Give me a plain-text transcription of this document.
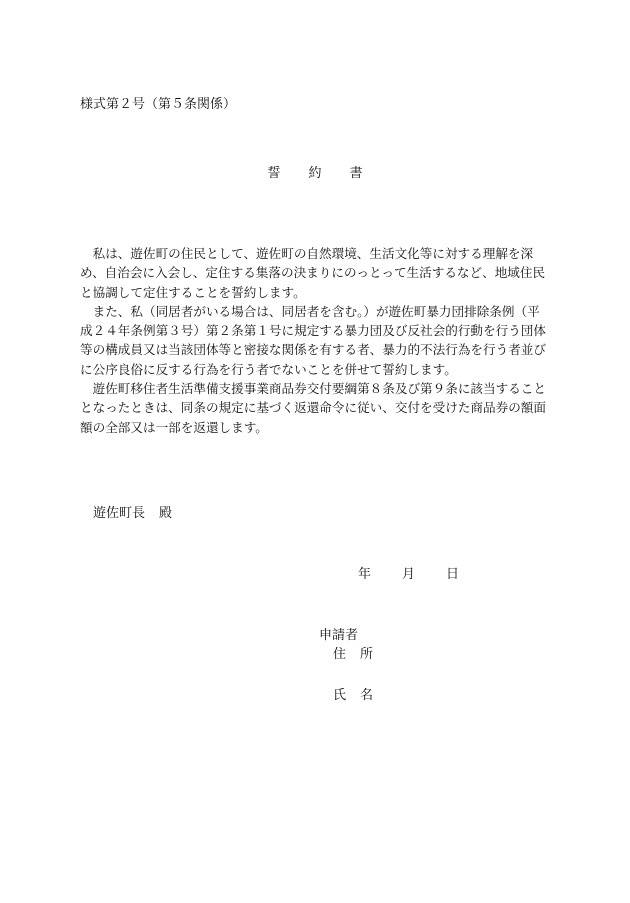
様式第２号（第５条関係）
誓 約 書

私は、遊佐町の住民として、遊佐町の自然環境、生活文化等に対する理解を深め、自治会に入会し、定住する集落の決まりにのっとって生活するなど、地域住民と協調して定住することを誓約します。

また、私（同居者がいる場合は、同居者を含む。）が遊佐町暴力団排除条例（平成２４年条例第３号）第２条第１号に規定する暴力団及び反社会的行動を行う団体等の構成員又は当該団体等と密接な関係を有する者、暴力的不法行為を行う者並びに公序良俗に反する行為を行う者でないことを併せて誓約します。

遊佐町移住者生活準備支援事業商品券交付要綱第８条及び第９条に該当することとなったときは、同条の規定に基づく返還命令に従い、交付を受けた商品券の額面額の全部又は一部を返還します。

遊佐町長 殿
年 月 日
申請者
住 所
氏 名
